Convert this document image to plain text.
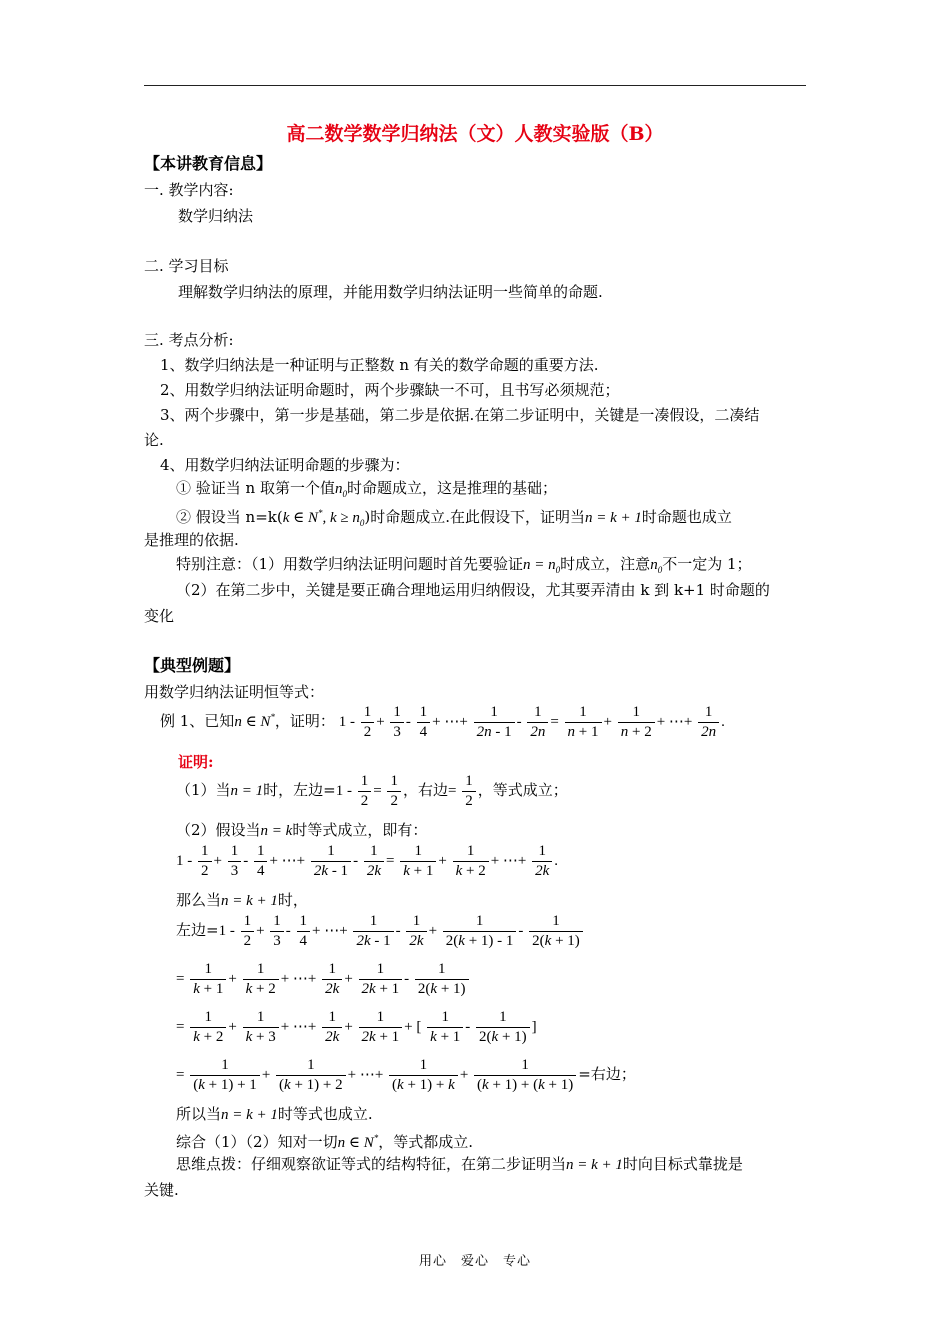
高二数学数学归纳法（文）人教实验版（B）
【本讲教育信息】
一. 教学内容:
数学归纳法
二. 学习目标
理解数学归纳法的原理，并能用数学归纳法证明一些简单的命题.
三. 考点分析:
1、数学归纳法是一种证明与正整数 n 有关的数学命题的重要方法.
2、用数学归纳法证明命题时，两个步骤缺一不可，且书写必须规范；
3、两个步骤中，第一步是基础，第二步是依据.在第二步证明中，关键是一凑假设，二凑结
论.
4、用数学归纳法证明命题的步骤为：
① 验证当 n 取第一个值$n_0$时命题成立，这是推理的基础；
② 假设当 n=k(k ∈ N*, $k \ge n_0$)时命题成立.在此假设下，证明当n = k + 1时命题也成立
是推理的依据.
特别注意：（1）用数学归纳法证明问题时首先要验证$n = n_0$时成立，注意$n_0$不一定为 1；
（2）在第二步中，关键是要正确合理地运用归纳假设，尤其要弄清由 k 到 k+1 时命题的
变化
【典型例题】
用数学归纳法证明恒等式：
例 1、已知n ∈ N*，证明： $1 - \frac{1}{2} + \frac{1}{3} - \frac{1}{4}$ + ⋯+ $\frac{1}{2n - 1} - \frac{1}{2n} = \frac{1}{n + 1} + \frac{1}{n + 2}$ + ⋯+ $\frac{1}{2n}$ .
证明:
（1）当n = 1时，左边$=1 - \frac{1}{2} = \frac{1}{2}$ ，右边= $\frac{1}{2}$ ，等式成立；
（2）假设当n = k时等式成立，即有：
$1 - \frac{1}{2} + \frac{1}{3} - \frac{1}{4}$ + ⋯+ $\frac{1}{2k - 1} - \frac{1}{2k} = \frac{1}{k + 1} + \frac{1}{k + 2}$ + ⋯+ $\frac{1}{2k}$ .
那么当n = k + 1时，
左边$=1 - \frac{1}{2} + \frac{1}{3} - \frac{1}{4}$ + ⋯+ $\frac{1}{2k - 1} - \frac{1}{2k} + \frac{1}{2(k + 1) - 1} - \frac{1}{2(k + 1)}$
= $\frac{1}{k + 1} + \frac{1}{k + 2}$ + ⋯+ $\frac{1}{2k} + \frac{1}{2k + 1} - \frac{1}{2(k + 1)}$
= $\frac{1}{k + 2} + \frac{1}{k + 3}$ + ⋯+ $\frac{1}{2k} + \frac{1}{2k + 1}$ + [ $\frac{1}{k + 1} - \frac{1}{2(k + 1)}$ ]
= $\frac{1}{(k + 1) + 1} + \frac{1}{(k + 1) + 2}$ + ⋯+ $\frac{1}{(k + 1) + k} + \frac{1}{(k + 1) + (k + 1)}$ =右边；
所以当n = k + 1时等式也成立.
综合（1）（2）知对一切n ∈ N*，等式都成立.
思维点拨：仔细观察欲证等式的结构特征，在第二步证明当n = k + 1时向目标式靠拢是
关键.
用心　爱心　专心
